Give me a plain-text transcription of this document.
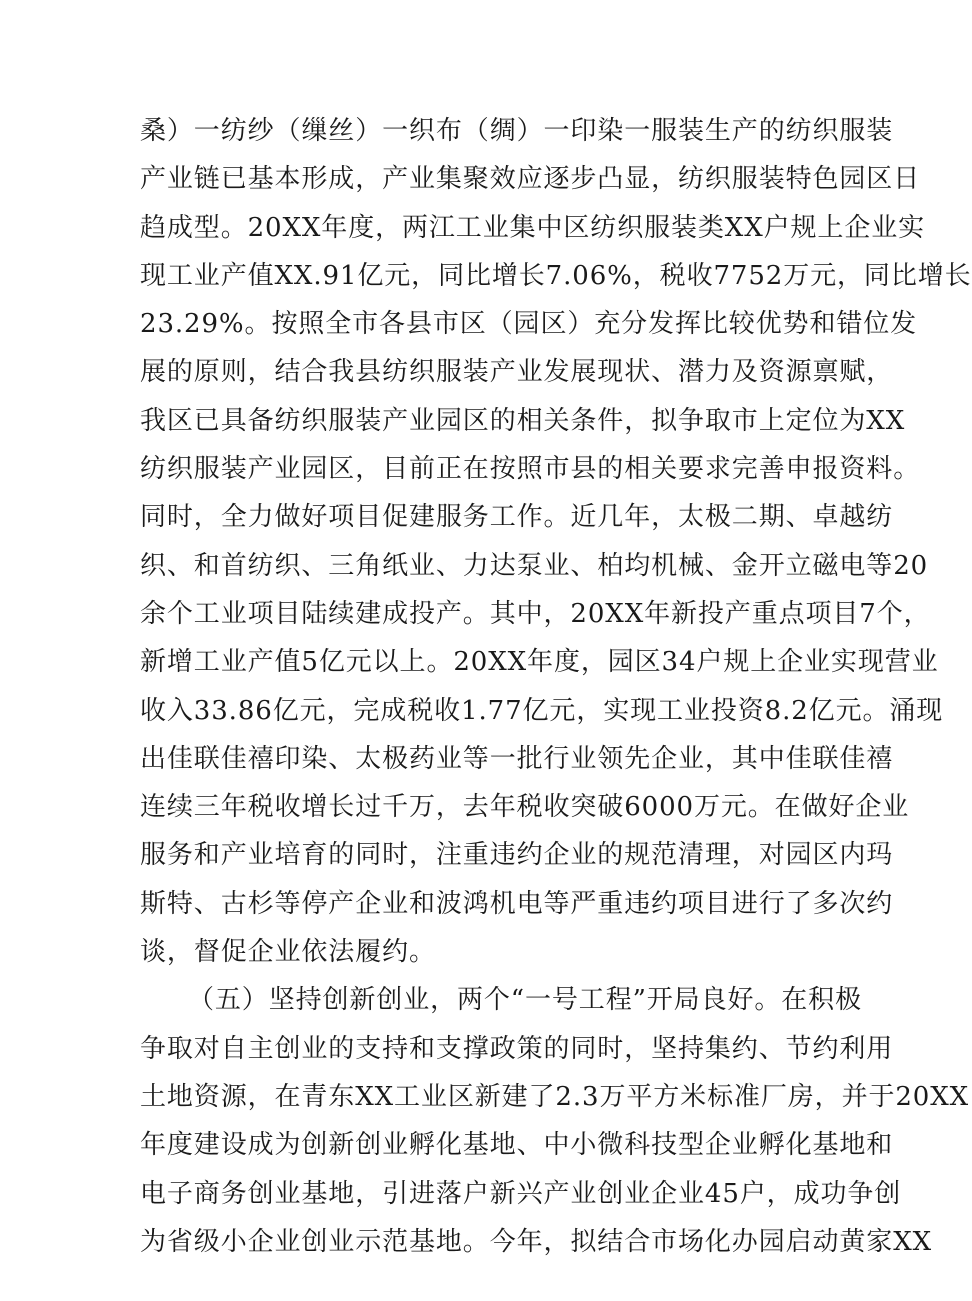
桑）一纺纱（缫丝）一织布（绸）一印染一服装生产的纺织服装
产业链已基本形成，产业集聚效应逐步凸显，纺织服装特色园区日
趋成型。20XX年度，两江工业集中区纺织服装类XX户规上企业实
现工业产值XX.91亿元，同比增长7.06%，税收7752万元，同比增长
23.29%。按照全市各县市区（园区）充分发挥比较优势和错位发
展的原则，结合我县纺织服装产业发展现状、潜力及资源禀赋，
我区已具备纺织服装产业园区的相关条件，拟争取市上定位为XX
纺织服装产业园区，目前正在按照市县的相关要求完善申报资料。
同时，全力做好项目促建服务工作。近几年，太极二期、卓越纺
织、和首纺织、三角纸业、力达泵业、柏均机械、金开立磁电等20
余个工业项目陆续建成投产。其中，20XX年新投产重点项目7个，
新增工业产值5亿元以上。20XX年度，园区34户规上企业实现营业
收入33.86亿元，完成税收1.77亿元，实现工业投资8.2亿元。涌现
出佳联佳禧印染、太极药业等一批行业领先企业，其中佳联佳禧
连续三年税收增长过千万，去年税收突破6000万元。在做好企业
服务和产业培育的同时，注重违约企业的规范清理，对园区内玛
斯特、古杉等停产企业和波鸿机电等严重违约项目进行了多次约
谈，督促企业依法履约。
（五）坚持创新创业，两个“一号工程”开局良好。在积极
争取对自主创业的支持和支撑政策的同时，坚持集约、节约利用
土地资源，在青东XX工业区新建了2.3万平方米标准厂房，并于20XX
年度建设成为创新创业孵化基地、中小微科技型企业孵化基地和
电子商务创业基地，引进落户新兴产业创业企业45户，成功争创
为省级小企业创业示范基地。今年，拟结合市场化办园启动黄家XX
